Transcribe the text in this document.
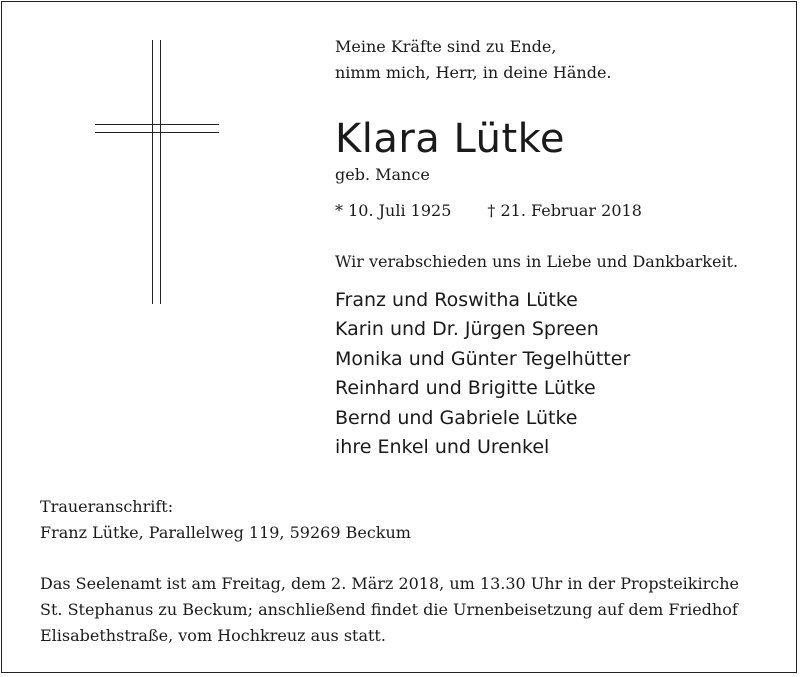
Meine Kräfte sind zu Ende,
nimm mich, Herr, in deine Hände.
Klara Lütke
geb. Mance
* 10. Juli 1925 † 21. Februar 2018
Wir verabschieden uns in Liebe und Dankbarkeit.
Franz und Roswitha Lütke
Karin und Dr. Jürgen Spreen
Monika und Günter Tegelhütter
Reinhard und Brigitte Lütke
Bernd und Gabriele Lütke
ihre Enkel und Urenkel
Traueranschrift:
Franz Lütke, Parallelweg 119, 59269 Beckum
Das Seelenamt ist am Freitag, dem 2. März 2018, um 13.30 Uhr in der Propsteikirche
St. Stephanus zu Beckum; anschließend findet die Urnenbeisetzung auf dem Friedhof
Elisabethstraße, vom Hochkreuz aus statt.
